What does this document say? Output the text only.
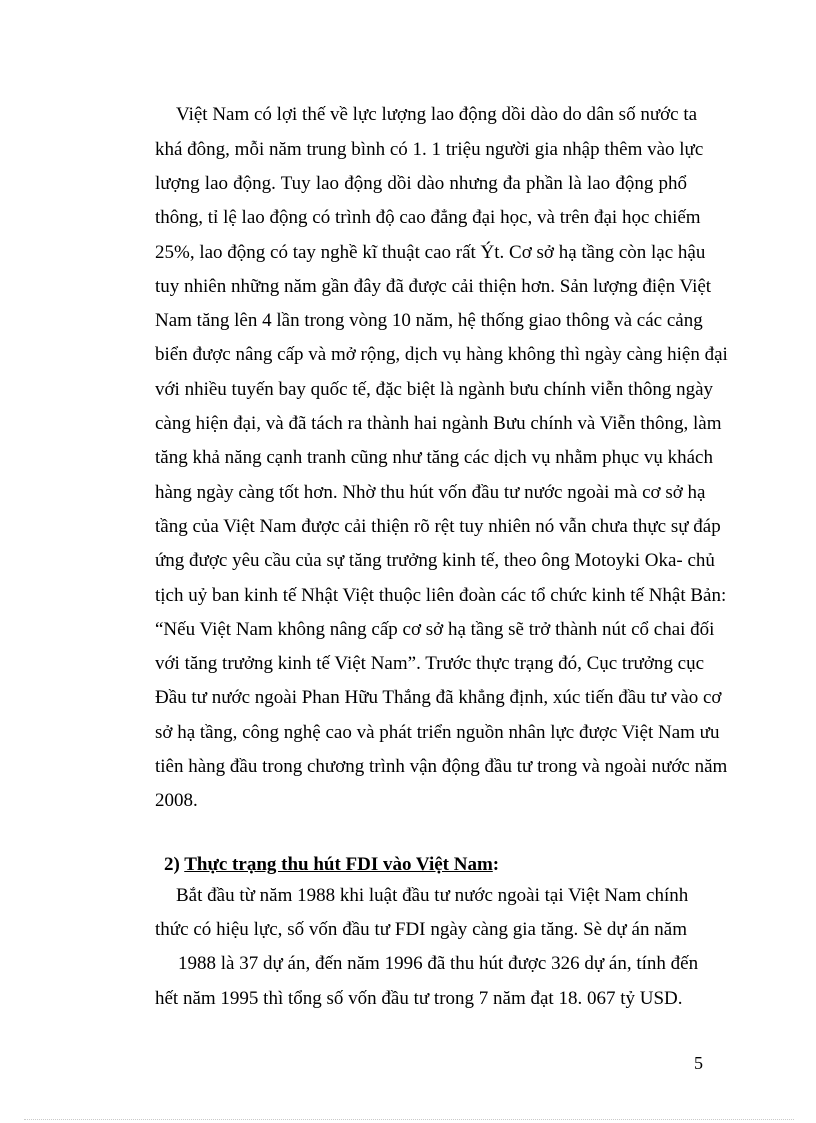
Việt Nam có lợi thế về lực lượng lao động dồi dào do dân số nước ta

khá đông, mỗi năm trung bình có 1. 1 triệu người gia nhập thêm vào lực

lượng lao động. Tuy lao động dồi dào nhưng đa phần là lao động phổ

thông, tỉ lệ lao động có trình độ cao đẳng đại học, và trên đại học chiếm

25%, lao động có tay nghề kĩ thuật cao rất Ýt. Cơ sở hạ tầng còn lạc hậu

tuy nhiên những năm gần đây đã được cải thiện hơn. Sản lượng điện Việt

Nam tăng lên 4 lần trong vòng 10 năm, hệ thống giao thông và các cảng

biển được nâng cấp và mở rộng, dịch vụ hàng không thì ngày càng hiện đại

với nhiều tuyến bay quốc tế, đặc biệt là ngành bưu chính viễn thông ngày

càng hiện đại, và đã tách ra thành hai ngành Bưu chính và Viễn thông, làm

tăng khả năng cạnh tranh cũng như tăng các dịch vụ nhằm phục vụ khách

hàng ngày càng tốt hơn. Nhờ thu hút vốn đầu tư nước ngoài mà cơ sở hạ

tầng của Việt Nam được cải thiện rõ rệt tuy nhiên nó vẫn chưa thực sự đáp

ứng được yêu cầu của sự tăng trưởng kinh tế, theo ông Motoyki Oka- chủ

tịch uỷ ban kinh tế Nhật Việt thuộc liên đoàn các tổ chức kinh tế Nhật Bản:

“Nếu Việt Nam không nâng cấp cơ sở hạ tầng sẽ trở thành nút cổ chai đối

với tăng trưởng kinh tế Việt Nam”. Trước thực trạng đó, Cục trưởng cục

Đầu tư nước ngoài Phan Hữu Thắng đã khẳng định, xúc tiến đầu tư vào cơ

sở hạ tầng, công nghệ cao và phát triển nguồn nhân lực được Việt Nam ưu

tiên hàng đầu trong chương trình vận động đầu tư trong và ngoài nước năm

2008.

2) Thực trạng thu hút FDI vào Việt Nam:

Bắt đầu từ năm 1988 khi luật đầu tư nước ngoài tại Việt Nam chính

thức có hiệu lực, số vốn đầu tư FDI ngày càng gia tăng. Sè dự án năm

1988 là 37 dự án, đến năm 1996 đã thu hút được 326 dự án, tính đến

hết năm 1995 thì tổng số vốn đầu tư trong 7 năm đạt 18. 067 tỷ USD.

5
